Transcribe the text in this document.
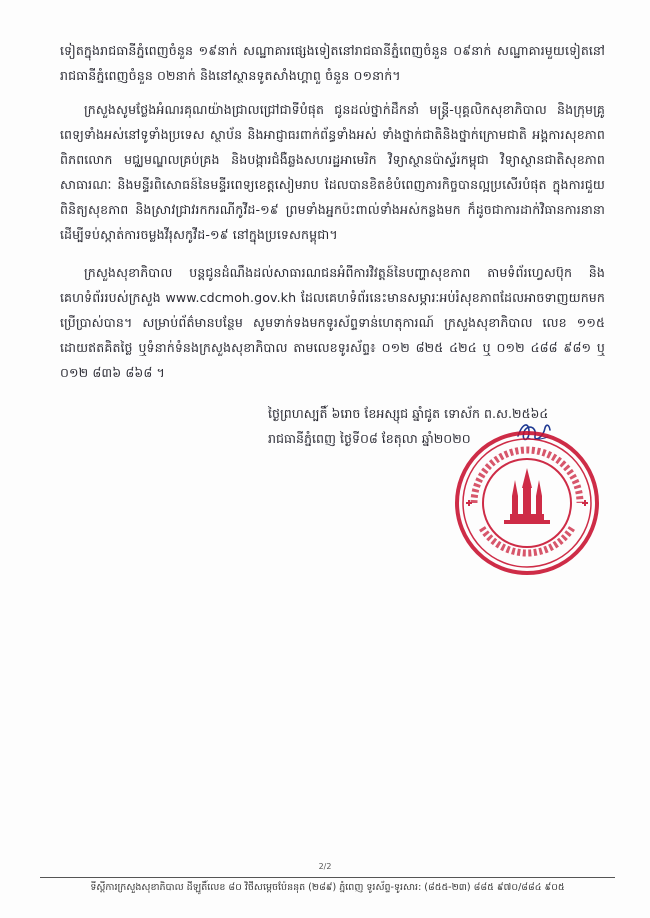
ទៀតក្នុងរាជធានីភ្នំពេញចំនួន ១៩នាក់ សណ្ឋាគារផ្សេងទៀតនៅរាជធានីភ្នំពេញចំនួន ០៩នាក់ សណ្ឋាគារមួយទៀតនៅរាជធានីភ្នំពេញចំនួន ០២នាក់ និងនៅស្ថានទូតសាំងហ្គាពួ ចំនួន ០១នាក់។

ក្រសួងសូមថ្លែងអំណរគុណយ៉ាងជ្រាលជ្រៅជាទីបំផុត ជូនដល់ថ្នាក់ដឹកនាំ មន្ត្រី-បុគ្គលិកសុខាភិបាល និងក្រុមគ្រូពេទ្យទាំងអស់នៅទូទាំងប្រទេស ស្ថាប័ន និងអាជ្ញាធរពាក់ព័ន្ធទាំងអស់ ទាំងថ្នាក់ជាតិនិងថ្នាក់ក្រោមជាតិ អង្គការសុខភាពពិភពលោក មជ្ឈមណ្ឌលគ្រប់គ្រង និងបង្ការជំងឺឆ្លងសហរដ្ឋអាមេរិក វិទ្យាស្ថានប៉ាស្ទ័រកម្ពុជា វិទ្យាស្ថានជាតិសុខភាពសាធារណៈ និងមន្ទីរពិសោធន៍នៃមន្ទីរពេទ្យខេត្តសៀមរាប ដែលបានខិតខំបំពេញភារកិច្ចបានល្អប្រសើរបំផុត ក្នុងការជួយពិនិត្យសុខភាព និងស្រាវជ្រាវរកករណីកូវីដ-១៩ ព្រមទាំងអ្នកប៉ះពាល់ទាំងអស់កន្លងមក ក៏ដូចជាការដាក់វិធានការនានា ដើម្បីទប់ស្កាត់ការចម្លងវីរុសកូវីដ-១៩ នៅក្នុងប្រទេសកម្ពុជា។

ក្រសួងសុខាភិបាល បន្តជូនដំណឹងដល់សាធារណជនអំពីការវិវត្តន៍នៃបញ្ហាសុខភាព តាមទំព័រហ្វេសប៊ុក និងគេហទំព័ររបស់ក្រសួង www.cdcmoh.gov.kh ដែលគេហទំព័រនេះមានសម្ភារៈអប់រំសុខភាពដែលអាចទាញយកមកប្រើប្រាស់បាន។ សម្រាប់ព័ត៌មានបន្ថែម សូមទាក់ទងមកទូរស័ព្ទទាន់ហេតុការណ៍ ក្រសួងសុខាភិបាល លេខ ១១៥ ដោយឥតគិតថ្លៃ ឬទំនាក់ទំនងក្រសួងសុខាភិបាល តាមលេខទូរស័ព្ទ៖ ០១២ ៨២៥ ៤២៤ ឬ ០១២ ៤៨៨ ៩៨១ ឬ ០១២ ៨៣៦ ៨៦៨ ។

ថ្ងៃព្រហស្បតិ៍ ៦រោច ខែអស្សុជ ឆ្នាំជូត ទោស័ក ព.ស.២៥៦៤

រាជធានីភ្នំពេញ ថ្ងៃទី០៨ ខែតុលា ឆ្នាំ២០២០

2/2
ទីស្តីការក្រសួងសុខាភិបាល ដីឡូតិ៍លេខ ៨០ វិថីសម្តេចប៉ែននុត (២៨៩) ភ្នំពេញ ទូរស័ព្ទ-ទូរសារ: (៨៥៥-២៣) ៨៨៥ ៩៧០/៨៨៤ ៩០៥
